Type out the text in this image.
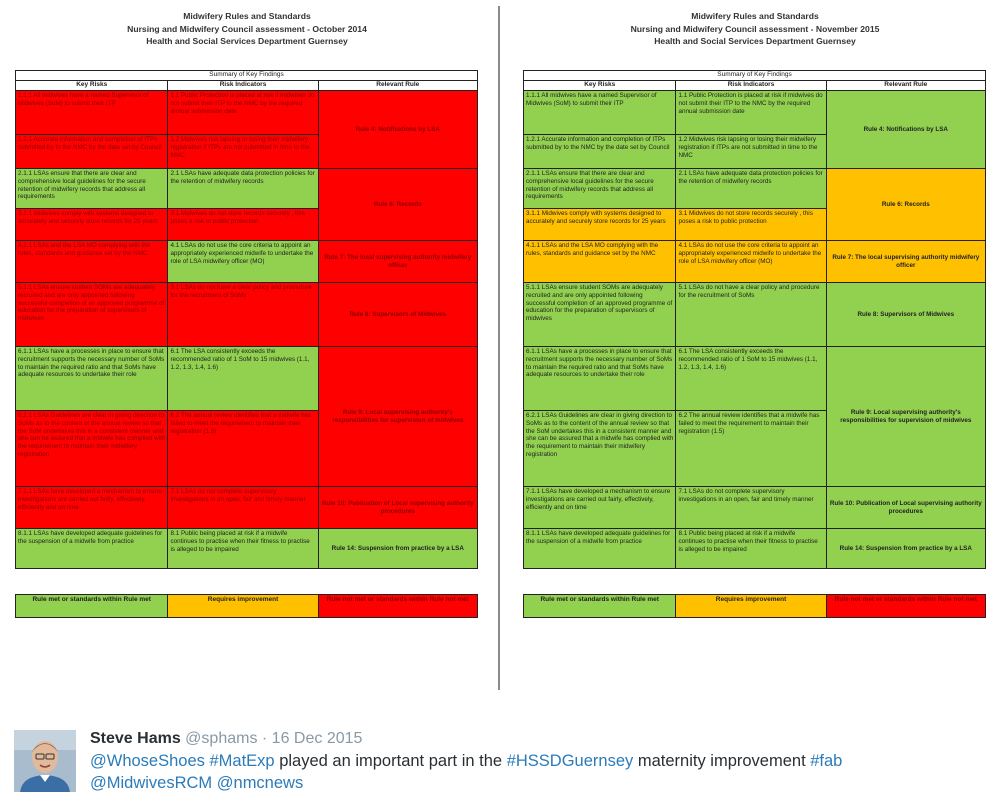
Midwifery Rules and Standards
Nursing and Midwifery Council assessment - October 2014
Health and Social Services Department Guernsey
Summary of Key Findings		
Key Risks	Risk Indicators	Relevant Rule
1.1.1 All midwives have a named Supervisor of Midwives (SoM) to submit their ITP	1.1 Public Protection is placed at risk if midwives do not submit their ITP to the NMC by the required annual submission date	Rule 4: Notifications by LSA
1.2.1 Accurate information and completion of ITPs submitted by to the NMC by the date set by Council	1.2 Midwives risk lapsing or losing their midwifery registration if ITPs are not submitted in time to the NMC	
2.1.1 LSAs ensure that there are clear and comprehensive local guidelines for the secure retention of midwifery records that address all requirements	2.1 LSAs have adequate data protection policies for the retention of midwifery records	Rule 6: Records
3.1.1 Midwives comply with systems designed to accurately and securely store records for 25 years	3.1 Midwives do not store records securely , this poses a risk to public protection	
4.1.1 LSAs and the LSA MO complying with the rules, standards and guidance set by the NMC	4.1 LSAs do not use the core criteria to appoint an appropriately experienced midwife to undertake the role of LSA midwifery officer (MO)	Rule 7: The local supervising authority midwifery officer
5.1.1 LSAs ensure student SOMs are adequately recruited and are only appointed following successful completion of an approved programme of education for the preparation of supervisors of midwives	5.1 LSAs do not have a clear policy and procedure for the recruitment of SoMs	Rule 8: Supervisors of Midwives
6.1.1 LSAs have a processes in place to ensure that recruitment supports the necessary number of SoMs to maintain the required ratio and that SoMs have adequate resources to undertake their role	6.1 The LSA consistently exceeds the recommended ratio of 1 SoM to 15 midwives (1.1, 1.2, 1.3, 1.4, 1.6)	Rule 9: Local supervising authority's responsibilities for supervision of midwives
6.2.1 LSAs Guidelines are clear in giving direction to SoMs as to the content of the annual review so that the SoM undertakes this in a consistent manner and she can be assured that a midwife has complied with the requirement to maintain their midwifery registration	6.2 The annual review identifies that a midwife has failed to meet the requirement to maintain their registration (1.5)	
7.1.1 LSAs have developed a mechanism to ensure investigations are carried out fairly, effectively, efficiently and on time	7.1 LSAs do not complete supervisory investigations in an open, fair and timely manner	Rule 10: Publication of Local supervising authority procedures
8.1.1 LSAs have developed adequate guidelines for the suspension of a midwife from practice	8.1 Public being placed at risk if a midwife continues to practise when their fitness to practise is alleged to be impaired	Rule 14: Suspension from practice by a LSA
Rule met or standards within Rule met	Requires improvement	Rule not met or standards within Rule not met
Midwifery Rules and Standards
Nursing and Midwifery Council assessment - November 2015
Health and Social Services Department Guernsey
Summary of Key Findings		
Key Risks	Risk Indicators	Relevant Rule
1.1.1 All midwives have a named Supervisor of Midwives (SoM) to submit their ITP	1.1 Public Protection is placed at risk if midwives do not submit their ITP to the NMC by the required annual submission date	Rule 4: Notifications by LSA
1.2.1 Accurate information and completion of ITPs submitted by to the NMC by the date set by Council	1.2 Midwives risk lapsing or losing their midwifery registration if ITPs are not submitted in time to the NMC	
2.1.1 LSAs ensure that there are clear and comprehensive local guidelines for the secure retention of midwifery records that address all requirements	2.1 LSAs have adequate data protection policies for the retention of midwifery records	Rule 6: Records
3.1.1 Midwives comply with systems designed to accurately and securely store records for 25 years	3.1 Midwives do not store records securely , this poses a risk to public protection	
4.1.1 LSAs and the LSA MO complying with the rules, standards and guidance set by the NMC	4.1 LSAs do not use the core criteria to appoint an appropriately experienced midwife to undertake the role of LSA midwifery officer (MO)	Rule 7: The local supervising authority midwifery officer
5.1.1 LSAs ensure student SOMs are adequately recruited and are only appointed following successful completion of an approved programme of education for the preparation of supervisors of midwives	5.1 LSAs do not have a clear policy and procedure for the recruitment of SoMs	Rule 8: Supervisors of Midwives
6.1.1 LSAs have a processes in place to ensure that recruitment supports the necessary number of SoMs to maintain the required ratio and that SoMs have adequate resources to undertake their role	6.1 The LSA consistently exceeds the recommended ratio of 1 SoM to 15 midwives (1.1, 1.2, 1.3, 1.4, 1.6)	Rule 9: Local supervising authority's responsibilities for supervision of midwives
6.2.1 LSAs Guidelines are clear in giving direction to SoMs as to the content of the annual review so that the SoM undertakes this in a consistent manner and she can be assured that a midwife has complied with the requirement to maintain their midwifery registration	6.2 The annual review identifies that a midwife has failed to meet the requirement to maintain their registration (1.5)	
7.1.1 LSAs have developed a mechanism to ensure investigations are carried out fairly, effectively, efficiently and on time	7.1 LSAs do not complete supervisory investigations in an open, fair and timely manner	Rule 10: Publication of Local supervising authority procedures
8.1.1 LSAs have developed adequate guidelines for the suspension of a midwife from practice	8.1 Public being placed at risk if a midwife continues to practise when their fitness to practise is alleged to be impaired	Rule 14: Suspension from practice by a LSA
Rule met or standards within Rule met	Requires improvement	Rule not met or standards within Rule not met
Steve Hams @sphams · 16 Dec 2015
@WhoseShoes #MatExp played an important part in the #HSSDGuernsey maternity improvement #fab
@MidwivesRCM @nmcnews
